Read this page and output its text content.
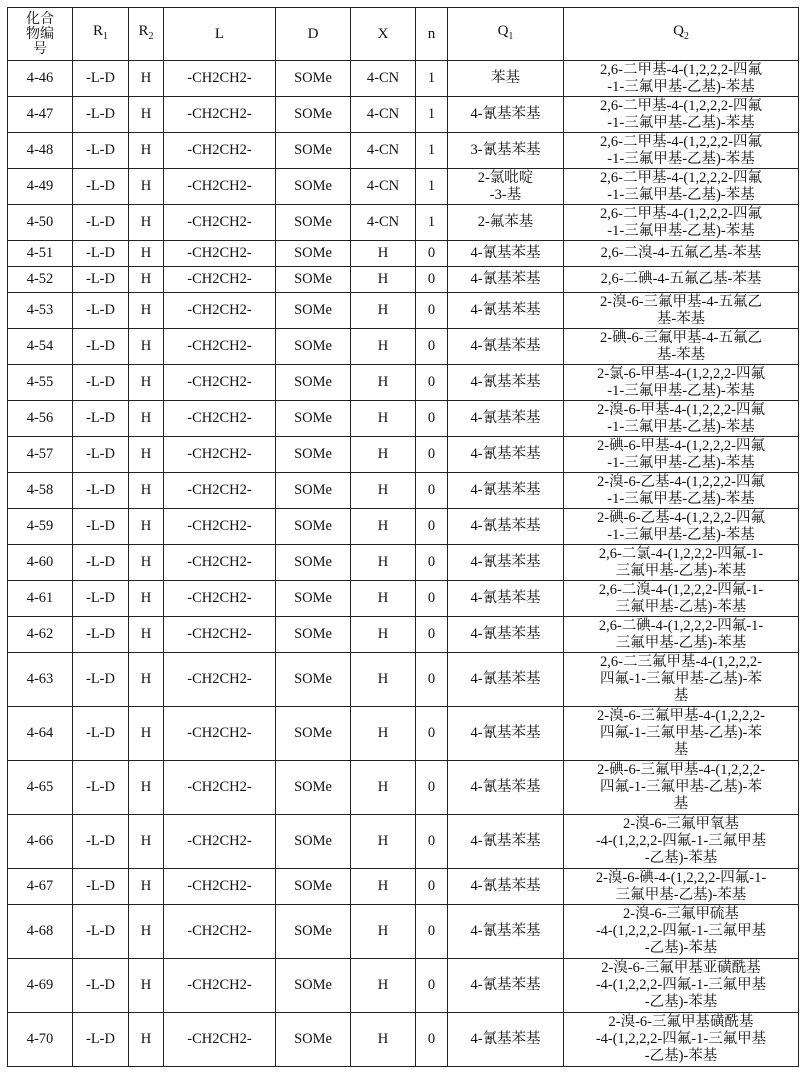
化合
物编
号
	R1	R2	L	D	X	n	Q1	Q2
4-46	-L-D	H	-CH2CH2-	SOMe	4-CN	1	苯基

2,6-二甲基-4-(1,2,2,2-四氟
-1-三氟甲基-乙基)-苯基

4-47	-L-D	H	-CH2CH2-	SOMe	4-CN	1	4-氰基苯基

2,6-二甲基-4-(1,2,2,2-四氟
-1-三氟甲基-乙基)-苯基

4-48	-L-D	H	-CH2CH2-	SOMe	4-CN	1	3-氰基苯基

2,6-二甲基-4-(1,2,2,2-四氟
-1-三氟甲基-乙基)-苯基

4-49	-L-D	H	-CH2CH2-	SOMe	4-CN	1	
2-氯吡啶
-3-基

2,6-二甲基-4-(1,2,2,2-四氟
-1-三氟甲基-乙基)-苯基

4-50	-L-D	H	-CH2CH2-	SOMe	4-CN	1	2-氟苯基

2,6-二甲基-4-(1,2,2,2-四氟
-1-三氟甲基-乙基)-苯基

4-51	-L-D	H	-CH2CH2-	SOMe	H	0	4-氰基苯基	2,6-二溴-4-五氟乙基-苯基

4-52	-L-D	H	-CH2CH2-	SOMe	H	0	4-氰基苯基	2,6-二碘-4-五氟乙基-苯基

4-53	-L-D	H	-CH2CH2-	SOMe	H	0	4-氰基苯基

2-溴-6-三氟甲基-4-五氟乙
基-苯基

4-54	-L-D	H	-CH2CH2-	SOMe	H	0	4-氰基苯基

2-碘-6-三氟甲基-4-五氟乙
基-苯基

4-55	-L-D	H	-CH2CH2-	SOMe	H	0	4-氰基苯基

2-氯-6-甲基-4-(1,2,2,2-四氟
-1-三氟甲基-乙基)-苯基

4-56	-L-D	H	-CH2CH2-	SOMe	H	0	4-氰基苯基

2-溴-6-甲基-4-(1,2,2,2-四氟
-1-三氟甲基-乙基)-苯基

4-57	-L-D	H	-CH2CH2-	SOMe	H	0	4-氰基苯基

2-碘-6-甲基-4-(1,2,2,2-四氟
-1-三氟甲基-乙基)-苯基

4-58	-L-D	H	-CH2CH2-	SOMe	H	0	4-氰基苯基

2-溴-6-乙基-4-(1,2,2,2-四氟
-1-三氟甲基-乙基)-苯基

4-59	-L-D	H	-CH2CH2-	SOMe	H	0	4-氰基苯基

2-碘-6-乙基-4-(1,2,2,2-四氟
-1-三氟甲基-乙基)-苯基

4-60	-L-D	H	-CH2CH2-	SOMe	H	0	4-氰基苯基

2,6-二氯-4-(1,2,2,2-四氟-1-
三氟甲基-乙基)-苯基

4-61	-L-D	H	-CH2CH2-	SOMe	H	0	4-氰基苯基

2,6-二溴-4-(1,2,2,2-四氟-1-
三氟甲基-乙基)-苯基

4-62	-L-D	H	-CH2CH2-	SOMe	H	0	4-氰基苯基

2,6-二碘-4-(1,2,2,2-四氟-1-
三氟甲基-乙基)-苯基

4-63	-L-D	H	-CH2CH2-	SOMe	H	0	4-氰基苯基

2,6-二三氟甲基-4-(1,2,2,2-
四氟-1-三氟甲基-乙基)-苯
基

4-64	-L-D	H	-CH2CH2-	SOMe	H	0	4-氰基苯基

2-溴-6-三氟甲基-4-(1,2,2,2-
四氟-1-三氟甲基-乙基)-苯
基

4-65	-L-D	H	-CH2CH2-	SOMe	H	0	4-氰基苯基

2-碘-6-三氟甲基-4-(1,2,2,2-
四氟-1-三氟甲基-乙基)-苯
基

4-66	-L-D	H	-CH2CH2-	SOMe	H	0	4-氰基苯基

2-溴-6-三氟甲氧基
-4-(1,2,2,2-四氟-1-三氟甲基
-乙基)-苯基

4-67	-L-D	H	-CH2CH2-	SOMe	H	0	4-氰基苯基

2-溴-6-碘-4-(1,2,2,2-四氟-1-
三氟甲基-乙基)-苯基

4-68	-L-D	H	-CH2CH2-	SOMe	H	0	4-氰基苯基

2-溴-6-三氟甲硫基
-4-(1,2,2,2-四氟-1-三氟甲基
-乙基)-苯基

4-69	-L-D	H	-CH2CH2-	SOMe	H	0	4-氰基苯基

2-溴-6-三氟甲基亚磺酰基
-4-(1,2,2,2-四氟-1-三氟甲基
-乙基)-苯基

4-70	-L-D	H	-CH2CH2-	SOMe	H	0	4-氰基苯基

2-溴-6-三氟甲基磺酰基
-4-(1,2,2,2-四氟-1-三氟甲基
-乙基)-苯基
